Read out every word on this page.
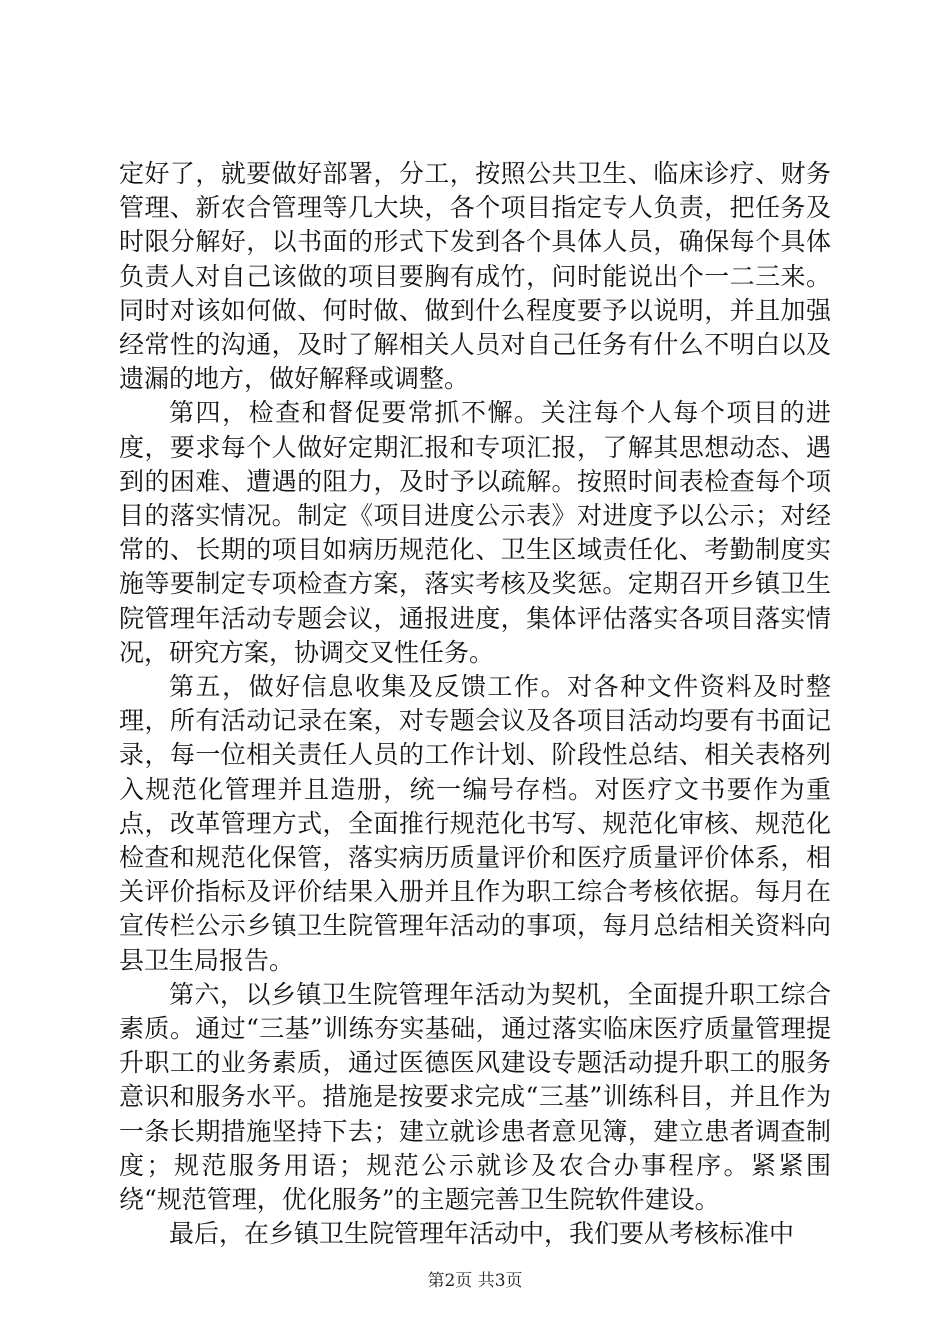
定好了，就要做好部署，分工，按照公共卫生、临床诊疗、财务管理、新农合管理等几大块，各个项目指定专人负责，把任务及时限分解好，以书面的形式下发到各个具体人员，确保每个具体负责人对自己该做的项目要胸有成竹，问时能说出个一二三来。同时对该如何做、何时做、做到什么程度要予以说明，并且加强经常性的沟通，及时了解相关人员对自己任务有什么不明白以及遗漏的地方，做好解释或调整。

第四，检查和督促要常抓不懈。关注每个人每个项目的进度，要求每个人做好定期汇报和专项汇报，了解其思想动态、遇到的困难、遭遇的阻力，及时予以疏解。按照时间表检查每个项目的落实情况。制定《项目进度公示表》对进度予以公示；对经常的、长期的项目如病历规范化、卫生区域责任化、考勤制度实施等要制定专项检查方案，落实考核及奖惩。定期召开乡镇卫生院管理年活动专题会议，通报进度，集体评估落实各项目落实情况，研究方案，协调交叉性任务。

第五，做好信息收集及反馈工作。对各种文件资料及时整理，所有活动记录在案，对专题会议及各项目活动均要有书面记录，每一位相关责任人员的工作计划、阶段性总结、相关表格列入规范化管理并且造册，统一编号存档。对医疗文书要作为重点，改革管理方式，全面推行规范化书写、规范化审核、规范化检查和规范化保管，落实病历质量评价和医疗质量评价体系，相关评价指标及评价结果入册并且作为职工综合考核依据。每月在宣传栏公示乡镇卫生院管理年活动的事项，每月总结相关资料向县卫生局报告。

第六，以乡镇卫生院管理年活动为契机，全面提升职工综合素质。通过“三基”训练夯实基础，通过落实临床医疗质量管理提升职工的业务素质，通过医德医风建设专题活动提升职工的服务意识和服务水平。措施是按要求完成“三基”训练科目，并且作为一条长期措施坚持下去；建立就诊患者意见簿，建立患者调查制度；规范服务用语；规范公示就诊及农合办事程序。紧紧围绕“规范管理，优化服务”的主题完善卫生院软件建设。

最后，在乡镇卫生院管理年活动中，我们要从考核标准中

第2页 共3页
